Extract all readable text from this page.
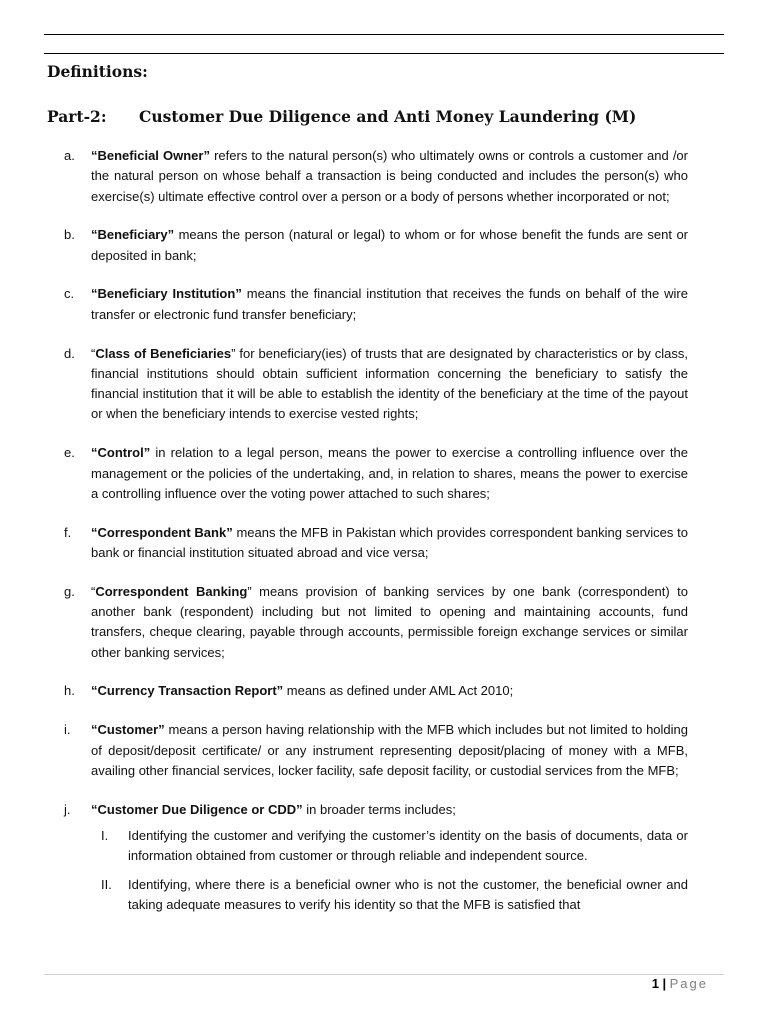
Definitions:
Part-2:	Customer Due Diligence and Anti Money Laundering (M)
a. “Beneficial Owner” refers to the natural person(s) who ultimately owns or controls a customer and /or the natural person on whose behalf a transaction is being conducted and includes the person(s) who exercise(s) ultimate effective control over a person or a body of persons whether incorporated or not;
b. “Beneficiary” means the person (natural or legal) to whom or for whose benefit the funds are sent or deposited in bank;
c. “Beneficiary Institution” means the financial institution that receives the funds on behalf of the wire transfer or electronic fund transfer beneficiary;
d. “Class of Beneficiaries” for beneficiary(ies) of trusts that are designated by characteristics or by class, financial institutions should obtain sufficient information concerning the beneficiary to satisfy the financial institution that it will be able to establish the identity of the beneficiary at the time of the payout or when the beneficiary intends to exercise vested rights;
e. “Control” in relation to a legal person, means the power to exercise a controlling influence over the management or the policies of the undertaking, and, in relation to shares, means the power to exercise a controlling influence over the voting power attached to such shares;
f. “Correspondent Bank” means the MFB in Pakistan which provides correspondent banking services to bank or financial institution situated abroad and vice versa;
g. “Correspondent Banking” means provision of banking services by one bank (correspondent) to another bank (respondent) including but not limited to opening and maintaining accounts, fund transfers, cheque clearing, payable through accounts, permissible foreign exchange services or similar other banking services;
h. “Currency Transaction Report” means as defined under AML Act 2010;
i. “Customer” means a person having relationship with the MFB which includes but not limited to holding of deposit/deposit certificate/ or any instrument representing deposit/placing of money with a MFB, availing other financial services, locker facility, safe deposit facility, or custodial services from the MFB;
j. “Customer Due Diligence or CDD” in broader terms includes;
I. Identifying the customer and verifying the customer’s identity on the basis of documents, data or information obtained from customer or through reliable and independent source.
II. Identifying, where there is a beneficial owner who is not the customer, the beneficial owner and taking adequate measures to verify his identity so that the MFB is satisfied that
1 | Page
